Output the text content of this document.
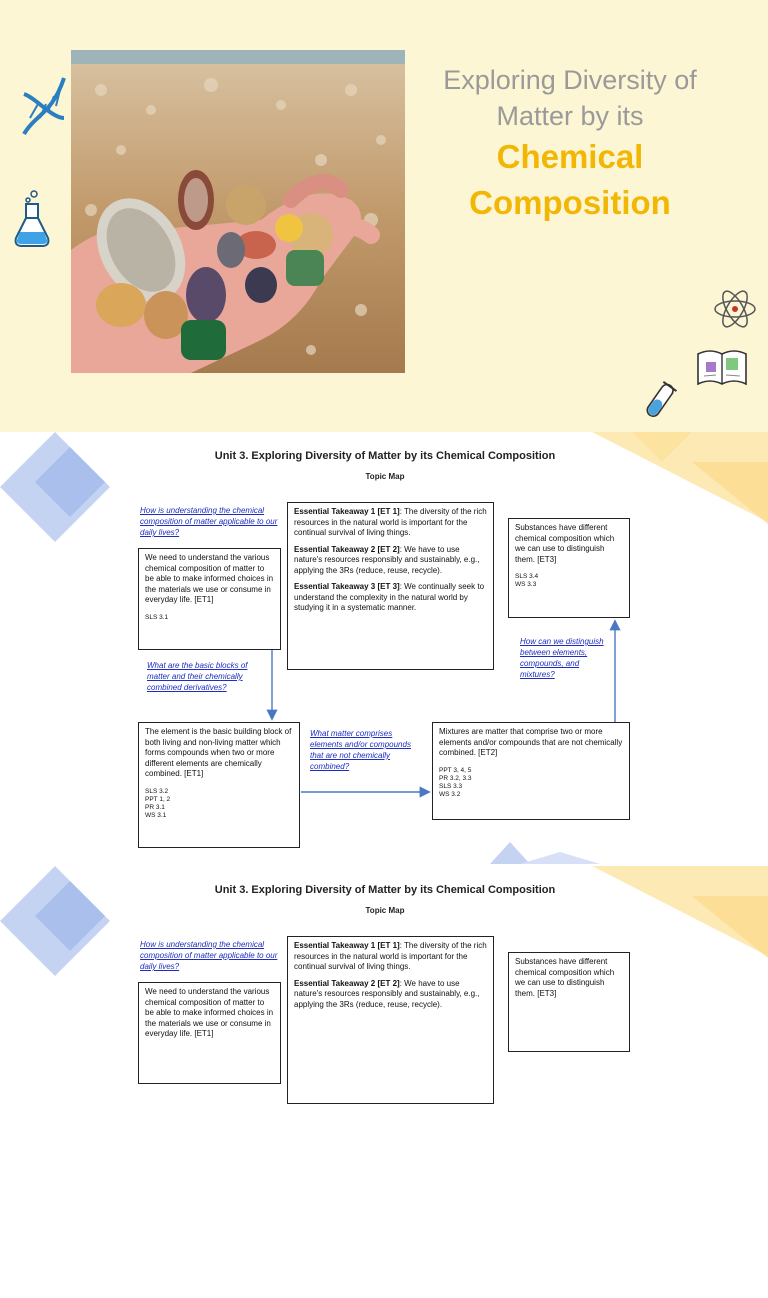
Exploring Diversity of
Matter by its
Chemical
Composition
Unit 3. Exploring Diversity of Matter by its Chemical Composition
Topic Map
How is understanding the chemical composition of matter applicable to our daily lives?

We need to understand the various chemical composition of matter to be able to make informed choices in the materials we use or consume in everyday life. [ET1]

SLS 3.1

Essential Takeaway 1 [ET 1]: The diversity of the rich resources in the natural world is important for the continual survival of living things.

Essential Takeaway 2 [ET 2]: We have to use nature's resources responsibly and sustainably, e.g., applying the 3Rs (reduce, reuse, recycle).

Essential Takeaway 3 [ET 3]: We continually seek to understand the complexity in the natural world by studying it in a systematic manner.

Substances have different chemical composition which we can use to distinguish them. [ET3]

SLS 3.4
WS 3.3

What are the basic blocks of matter and their chemically combined derivatives?
How can we distinguish between elements, compounds, and mixtures?

The element is the basic building block of both living and non-living matter which forms compounds when two or more different elements are chemically combined. [ET1]

SLS 3.2
PPT 1, 2
PR 3.1
WS 3.1

What matter comprises elements and/or compounds that are not chemically combined?

Mixtures are matter that comprise two or more elements and/or compounds that are not chemically combined. [ET2]

PPT 3, 4, 5
PR 3.2, 3.3
SLS 3.3
WS 3.2

Unit 3. Exploring Diversity of Matter by its Chemical Composition
Topic Map
How is understanding the chemical composition of matter applicable to our daily lives?

We need to understand the various chemical composition of matter to be able to make informed choices in the materials we use or consume in everyday life. [ET1]

Essential Takeaway 1 [ET 1]: The diversity of the rich resources in the natural world is important for the continual survival of living things.

Essential Takeaway 2 [ET 2]: We have to use nature's resources responsibly and sustainably, e.g., applying the 3Rs (reduce, reuse, recycle).

Substances have different chemical composition which we can use to distinguish them. [ET3]
